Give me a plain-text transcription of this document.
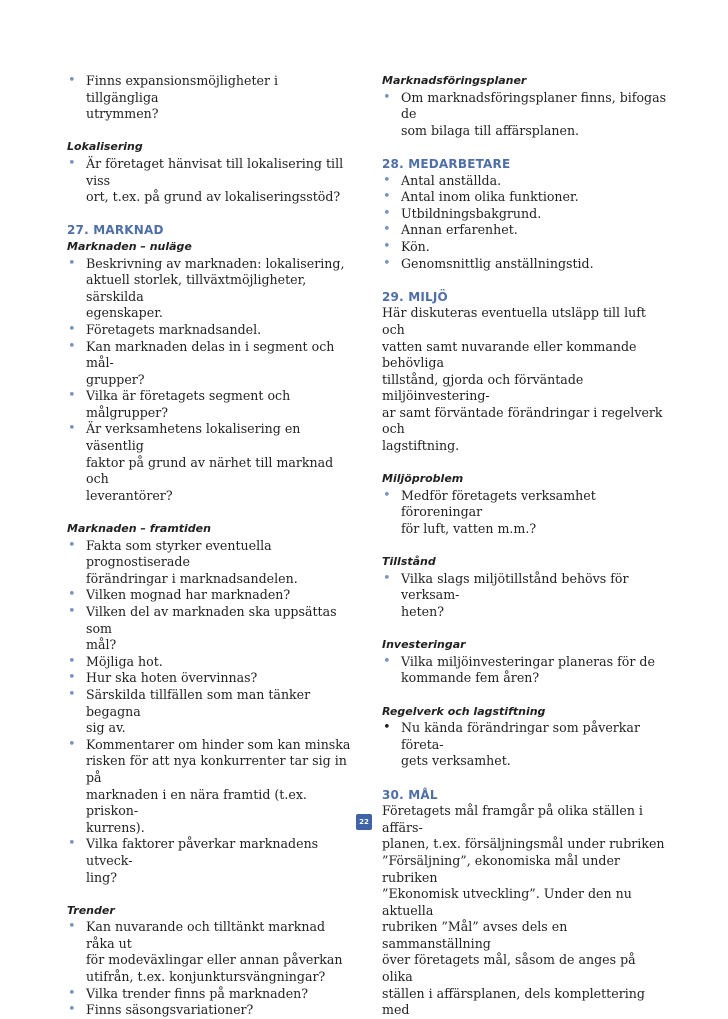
• Finns expansionsmöjligheter i tillgängliga
utrymmen?
Lokalisering
• Är företaget hänvisat till lokalisering till viss
ort, t.ex. på grund av lokaliseringsstöd?
27. MARKNAD
Marknaden – nuläge
• Beskrivning av marknaden: lokalisering,
aktuell storlek, tillväxtmöjligheter, särskilda
egenskaper.
• Företagets marknadsandel.
• Kan marknaden delas in i segment och mål-
grupper?
• Vilka är företagets segment och målgrupper?
• Är verksamhetens lokalisering en väsentlig
faktor på grund av närhet till marknad och
leverantörer?
Marknaden – framtiden
• Fakta som styrker eventuella prognostiserade
förändringar i marknadsandelen.
• Vilken mognad har marknaden?
• Vilken del av marknaden ska uppsättas som
mål?
• Möjliga hot.
• Hur ska hoten övervinnas?
• Särskilda tillfällen som man tänker begagna
sig av.
• Kommentarer om hinder som kan minska
risken för att nya konkurrenter tar sig in på
marknaden i en nära framtid (t.ex. priskon-
kurrens).
• Vilka faktorer påverkar marknadens utveck-
ling?
Trender
• Kan nuvarande och tilltänkt marknad råka ut
för modeväxlingar eller annan påverkan
utifrån, t.ex. konjunktursvängningar?
• Vilka trender finns på marknaden?
• Finns säsongsvariationer?
Marknadsföringsplaner
• Om marknadsföringsplaner finns, bifogas de
som bilaga till affärsplanen.
28. MEDARBETARE
• Antal anställda.
• Antal inom olika funktioner.
• Utbildningsbakgrund.
• Annan erfarenhet.
• Kön.
• Genomsnittlig anställningstid.
29. MILJÖ

Här diskuteras eventuella utsläpp till luft och
vatten samt nuvarande eller kommande behövliga
tillstånd, gjorda och förväntade miljöinvestering-
ar samt förväntade förändringar i regelverk och
lagstiftning.

Miljöproblem
• Medför företagets verksamhet föroreningar
för luft, vatten m.m.?
Tillstånd
• Vilka slags miljötillstånd behövs för verksam-
heten?
Investeringar
• Vilka miljöinvesteringar planeras för de
kommande fem åren?
Regelverk och lagstiftning
• Nu kända förändringar som påverkar företa-
gets verksamhet.
30. MÅL

Företagets mål framgår på olika ställen i affärs-
planen, t.ex. försäljningsmål under rubriken
”Försäljning”, ekonomiska mål under rubriken
”Ekonomisk utveckling”. Under den nu aktuella
rubriken ”Mål” avses dels en sammanställning
över företagets mål, såsom de anges på olika
ställen i affärsplanen, dels komplettering med

22
